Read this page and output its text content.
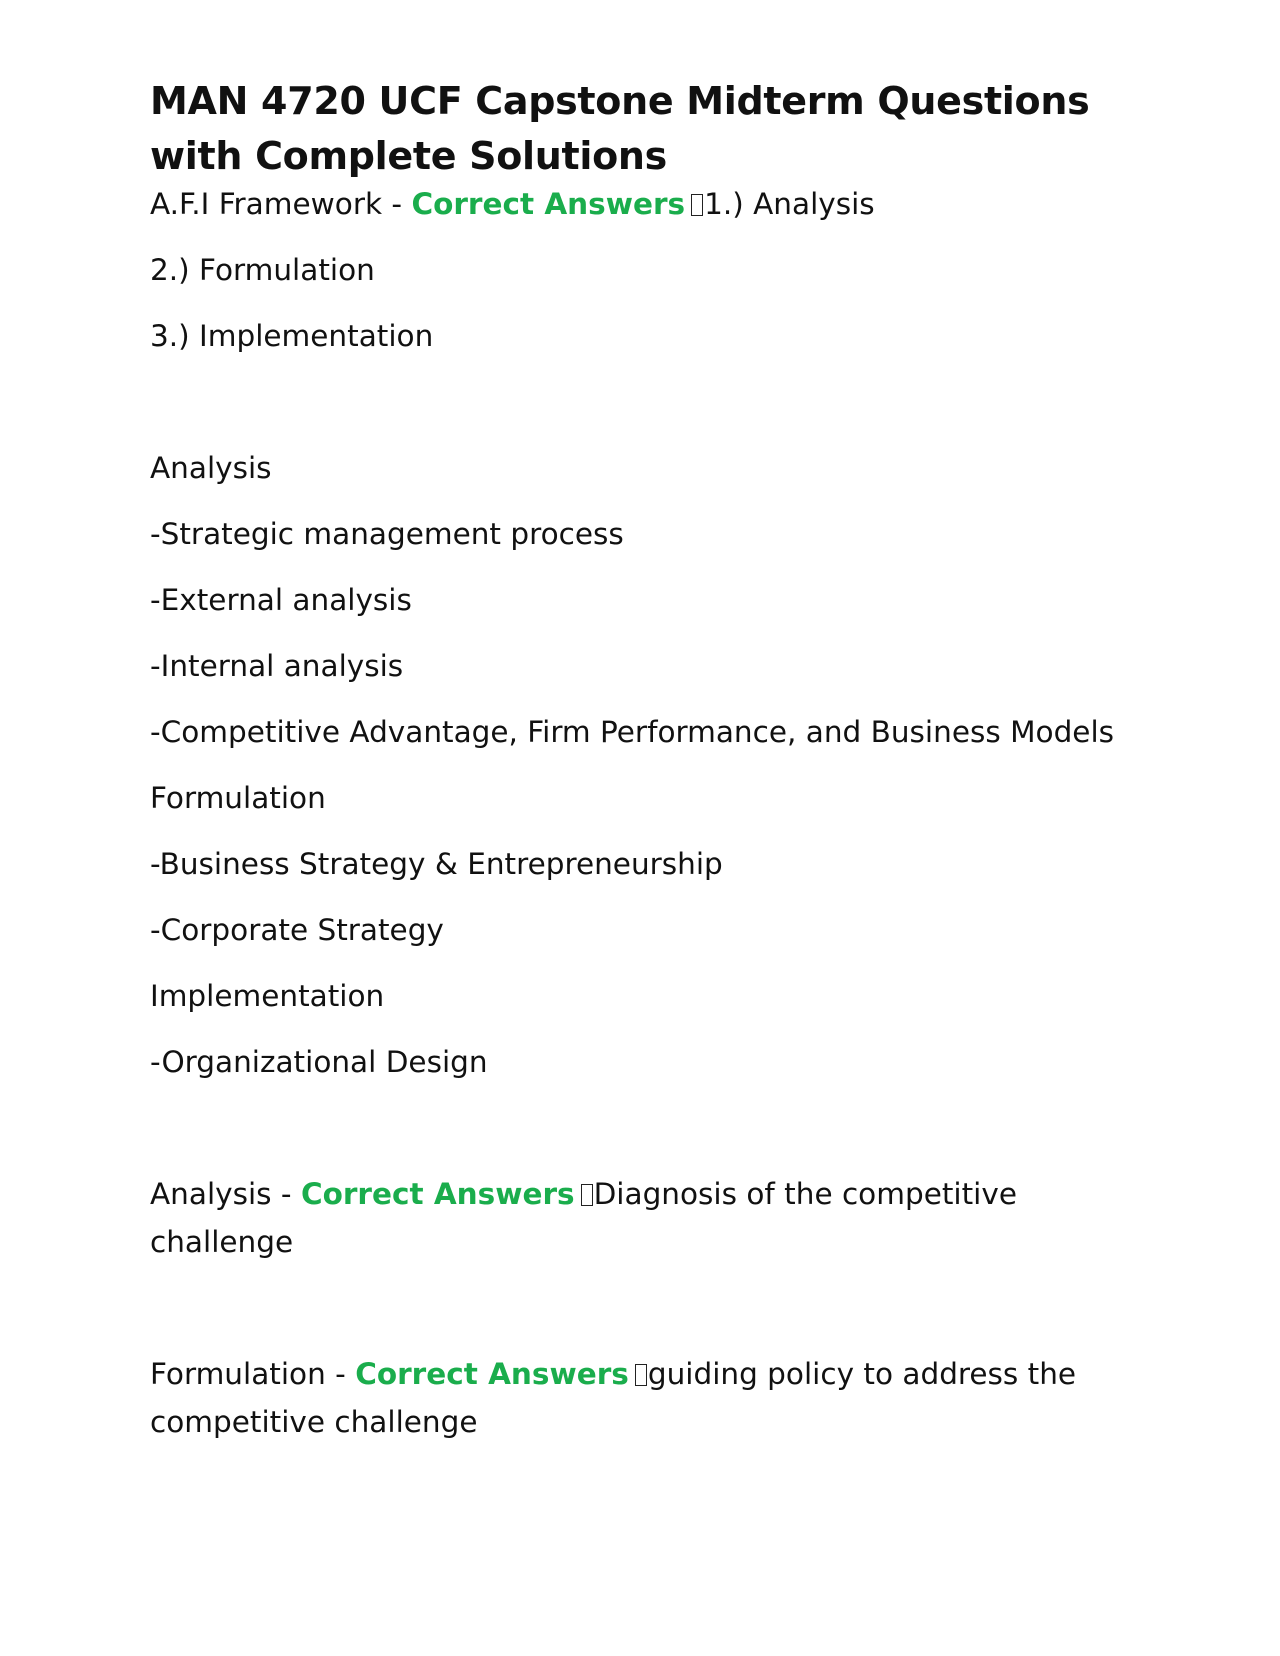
MAN 4720 UCF Capstone Midterm Questions with Complete Solutions

A.F.I Framework - Correct Answers 1.) Analysis

2.) Formulation

3.) Implementation

Analysis

-Strategic management process

-External analysis

-Internal analysis

-Competitive Advantage, Firm Performance, and Business Models

Formulation

-Business Strategy & Entrepreneurship

-Corporate Strategy

Implementation

-Organizational Design

Analysis - Correct Answers Diagnosis of the competitive challenge

Formulation - Correct Answers guiding policy to address the competitive challenge
